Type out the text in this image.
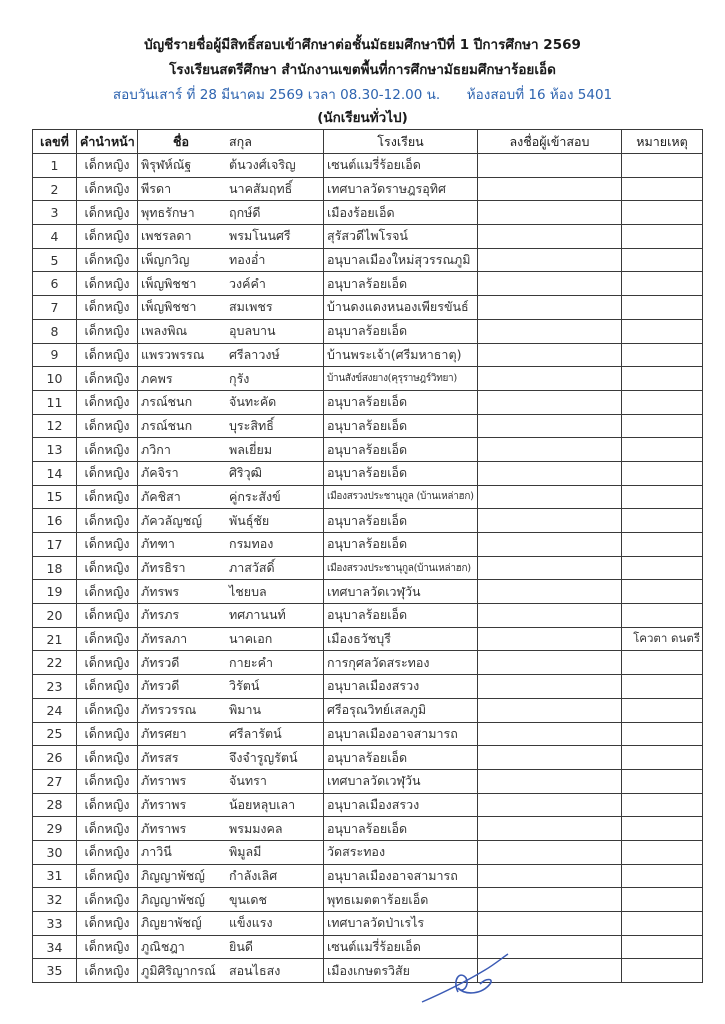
บัญชีรายชื่อผู้มีสิทธิ์สอบเข้าศึกษาต่อชั้นมัธยมศึกษาปีที่ 1 ปีการศึกษา 2569
โรงเรียนสตรีศึกษา สำนักงานเขตพื้นที่การศึกษามัธยมศึกษาร้อยเอ็ด
สอบวันเสาร์ ที่ 28 มีนาคม 2569 เวลา 08.30-12.00 น. ห้องสอบที่ 16 ห้อง 5401
(นักเรียนทั่วไป)
เลขที่	คำนำหน้า	ชื่อ สกุล	โรงเรียน	ลงชื่อผู้เข้าสอบ	หมายเหตุ
1	เด็กหญิง	พิรุฬห์ณัฐ ต้นวงศ์เจริญ	เซนต์แมรี่ร้อยเอ็ด		
2	เด็กหญิง	พีรดา นาคสัมฤทธิ์	เทศบาลวัดราษฎรอุทิศ		
3	เด็กหญิง	พุทธรักษา ฤกษ์ดี	เมืองร้อยเอ็ด		
4	เด็กหญิง	เพชรลดา พรมโนนศรี	สุรัสวดีไพโรจน์		
5	เด็กหญิง	เพ็ญกวิญ ทองอ่ำ	อนุบาลเมืองใหม่สุวรรณภูมิ		
6	เด็กหญิง	เพ็ญพิชชา วงค์คำ	อนุบาลร้อยเอ็ด		
7	เด็กหญิง	เพ็ญพิชชา สมเพชร	บ้านดงแดงหนองเพียรขันธ์		
8	เด็กหญิง	เพลงพิณ อุบลบาน	อนุบาลร้อยเอ็ด		
9	เด็กหญิง	แพรวพรรณ ศรีลาวงษ์	บ้านพระเจ้า(ศรีมหาธาตุ)		
10	เด็กหญิง	ภคพร กุรัง	บ้านสังข์สงยาง(คุรุราษฎร์วิทยา)		
11	เด็กหญิง	ภรณ์ชนก จันทะคัด	อนุบาลร้อยเอ็ด		
12	เด็กหญิง	ภรณ์ชนก บุระสิทธิ์	อนุบาลร้อยเอ็ด		
13	เด็กหญิง	ภวิกา พลเยี่ยม	อนุบาลร้อยเอ็ด		
14	เด็กหญิง	ภัคจิรา ศิริวุฒิ	อนุบาลร้อยเอ็ด		
15	เด็กหญิง	ภัคชิสา คู่กระสังข์	เมืองสรวงประชานุกูล (บ้านเหล่าฮก)		
16	เด็กหญิง	ภัควลัญชญ์ พันธุ์ชัย	อนุบาลร้อยเอ็ด		
17	เด็กหญิง	ภัทฑา กรมทอง	อนุบาลร้อยเอ็ด		
18	เด็กหญิง	ภัทรธิรา ภาสวัสดิ์	เมืองสรวงประชานุกูล(บ้านเหล่าฮก)		
19	เด็กหญิง	ภัทรพร ไชยบล	เทศบาลวัดเวฬุวัน		
20	เด็กหญิง	ภัทรภร ทศภานนท์	อนุบาลร้อยเอ็ด		
21	เด็กหญิง	ภัทรลภา นาคเอก	เมืองธวัชบุรี		โควตา ดนตรี
22	เด็กหญิง	ภัทรวดี กายะคำ	การกุศลวัดสระทอง		
23	เด็กหญิง	ภัทรวดี วิรัตน์	อนุบาลเมืองสรวง		
24	เด็กหญิง	ภัทรวรรณ พิมาน	ศรีอรุณวิทย์เสลภูมิ		
25	เด็กหญิง	ภัทรศยา ศรีลารัตน์	อนุบาลเมืองอาจสามารถ		
26	เด็กหญิง	ภัทรสร จึงจำรูญรัตน์	อนุบาลร้อยเอ็ด		
27	เด็กหญิง	ภัทราพร จันทรา	เทศบาลวัดเวฬุวัน		
28	เด็กหญิง	ภัทราพร น้อยหลุบเลา	อนุบาลเมืองสรวง		
29	เด็กหญิง	ภัทราพร พรมมงคล	อนุบาลร้อยเอ็ด		
30	เด็กหญิง	ภาวินี พิมูลมี	วัดสระทอง		
31	เด็กหญิง	ภิญญาพัชญ์ กำลังเลิศ	อนุบาลเมืองอาจสามารถ		
32	เด็กหญิง	ภิญญาพัชญ์ ขุนเดช	พุทธเมตตาร้อยเอ็ด		
33	เด็กหญิง	ภิญยาพัชญ์ แข็งแรง	เทศบาลวัดป่าเรไร		
34	เด็กหญิง	ภูณิชฎา ยินดี	เซนต์แมรี่ร้อยเอ็ด		
35	เด็กหญิง	ภูมิศิริญากรณ์ สอนไธสง	เมืองเกษตรวิสัย		
